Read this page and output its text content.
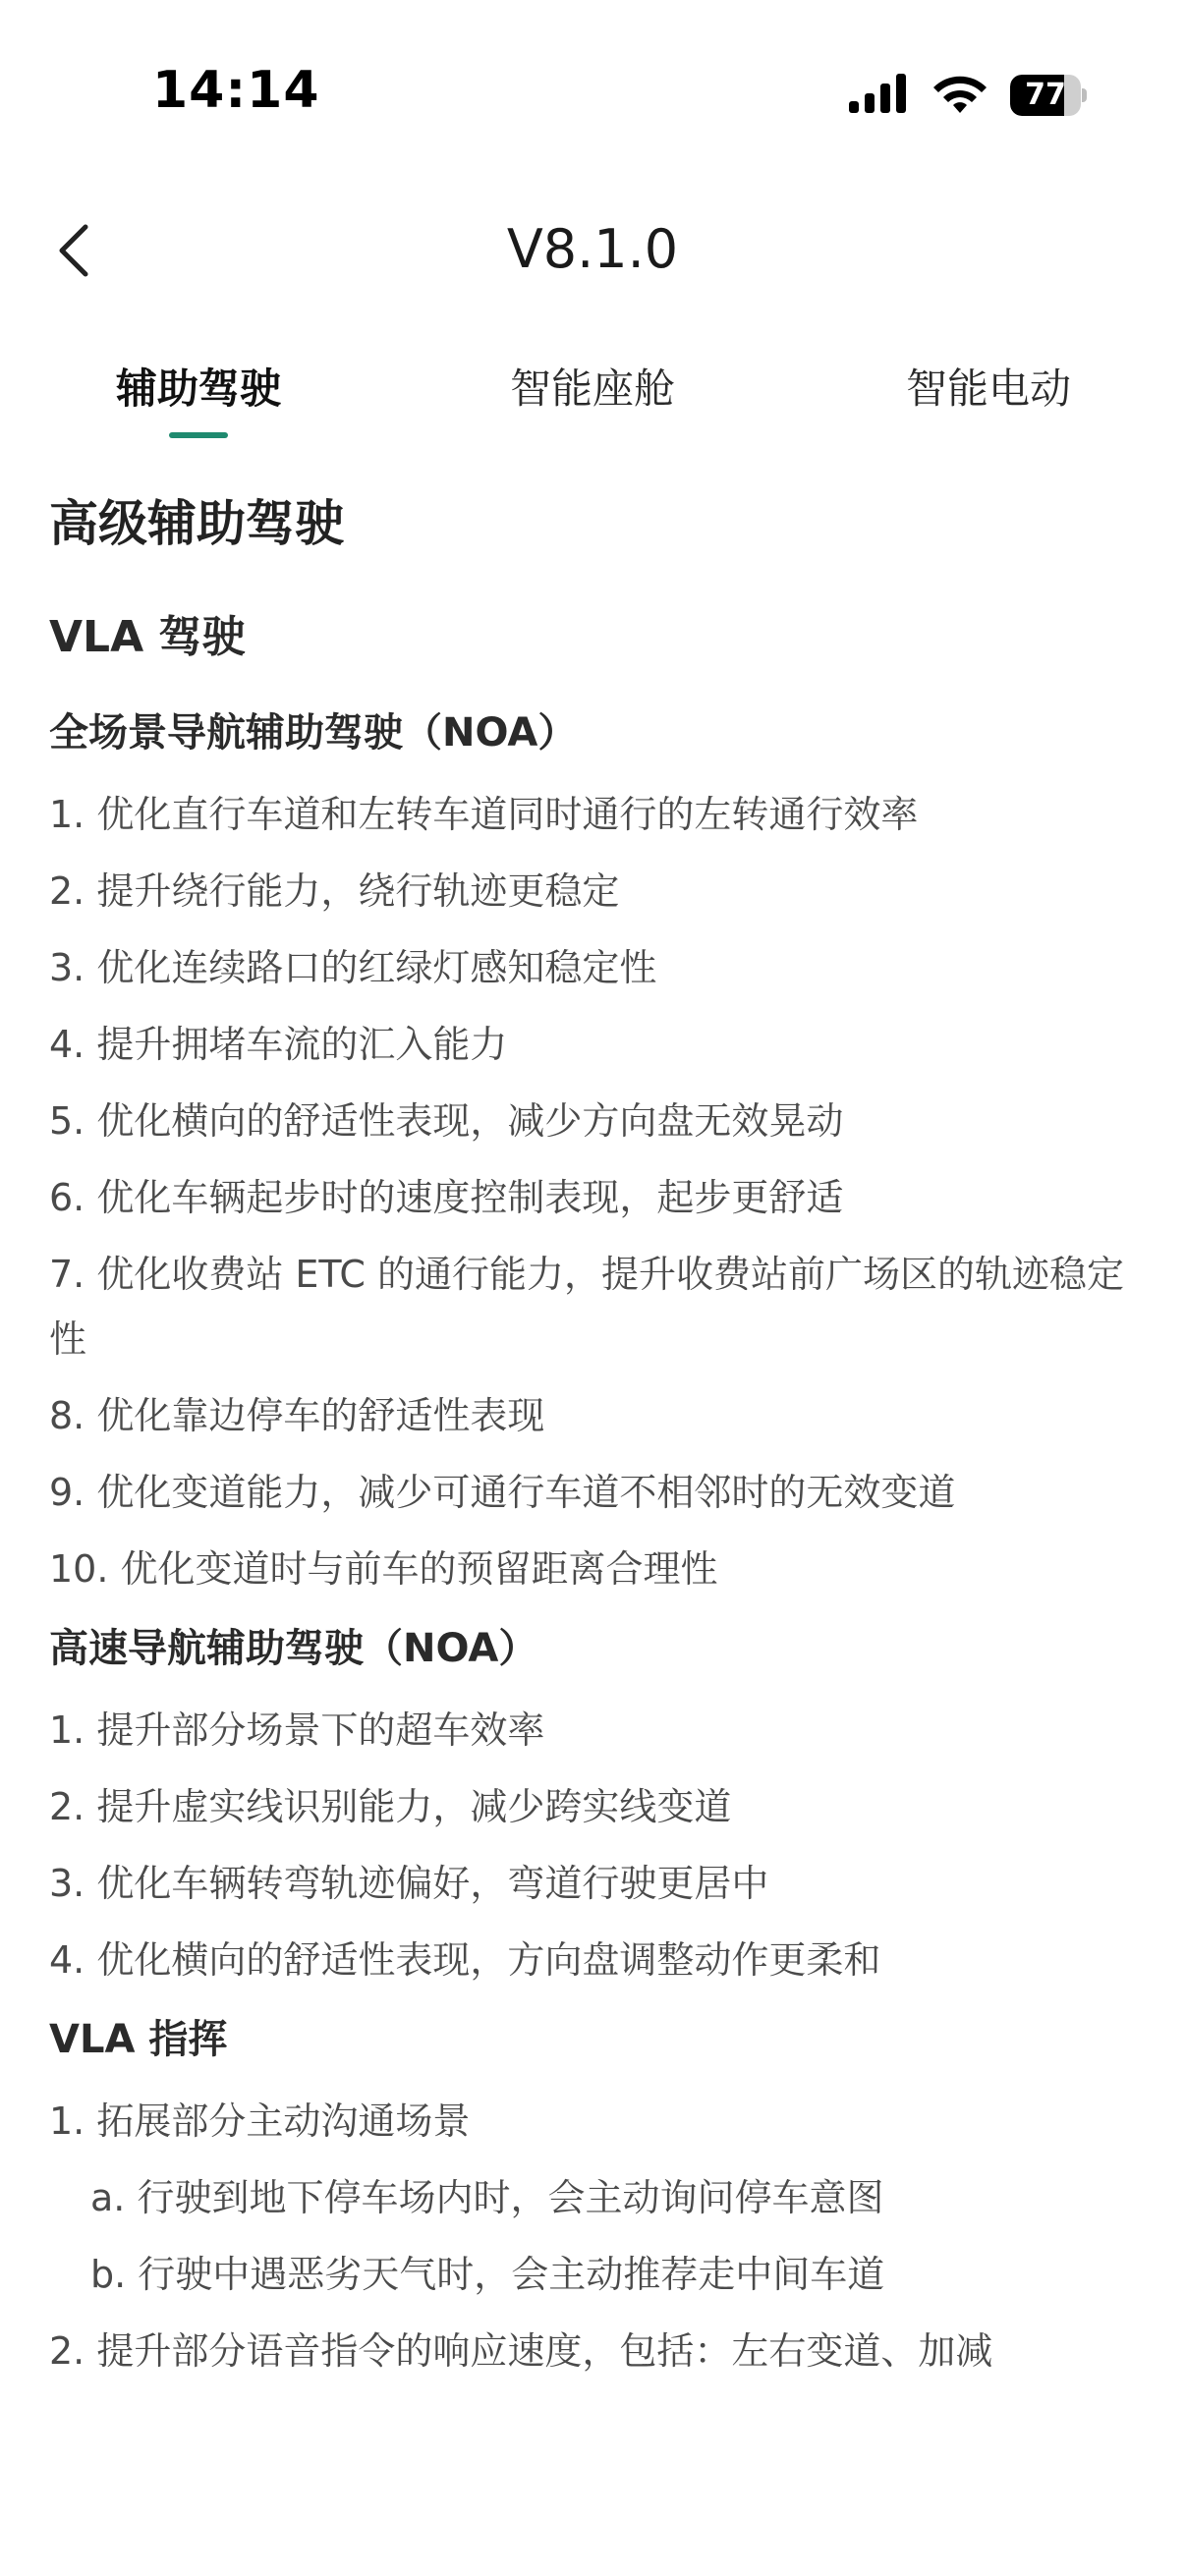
14:14	77
V8.1.0
辅助驾驶	智能座舱	智能电动
高级辅助驾驶
VLA 驾驶
全场景导航辅助驾驶（NOA）
1. 优化直行车道和左转车道同时通行的左转通行效率
2. 提升绕行能力，绕行轨迹更稳定
3. 优化连续路口的红绿灯感知稳定性
4. 提升拥堵车流的汇入能力
5. 优化横向的舒适性表现，减少方向盘无效晃动
6. 优化车辆起步时的速度控制表现，起步更舒适
7. 优化收费站 ETC 的通行能力，提升收费站前广场区的轨迹稳定性
8. 优化靠边停车的舒适性表现
9. 优化变道能力，减少可通行车道不相邻时的无效变道
10. 优化变道时与前车的预留距离合理性
高速导航辅助驾驶（NOA）
1. 提升部分场景下的超车效率
2. 提升虚实线识别能力，减少跨实线变道
3. 优化车辆转弯轨迹偏好，弯道行驶更居中
4. 优化横向的舒适性表现，方向盘调整动作更柔和
VLA 指挥
1. 拓展部分主动沟通场景
a. 行驶到地下停车场内时，会主动询问停车意图
b. 行驶中遇恶劣天气时，会主动推荐走中间车道
2. 提升部分语音指令的响应速度，包括：左右变道、加减
